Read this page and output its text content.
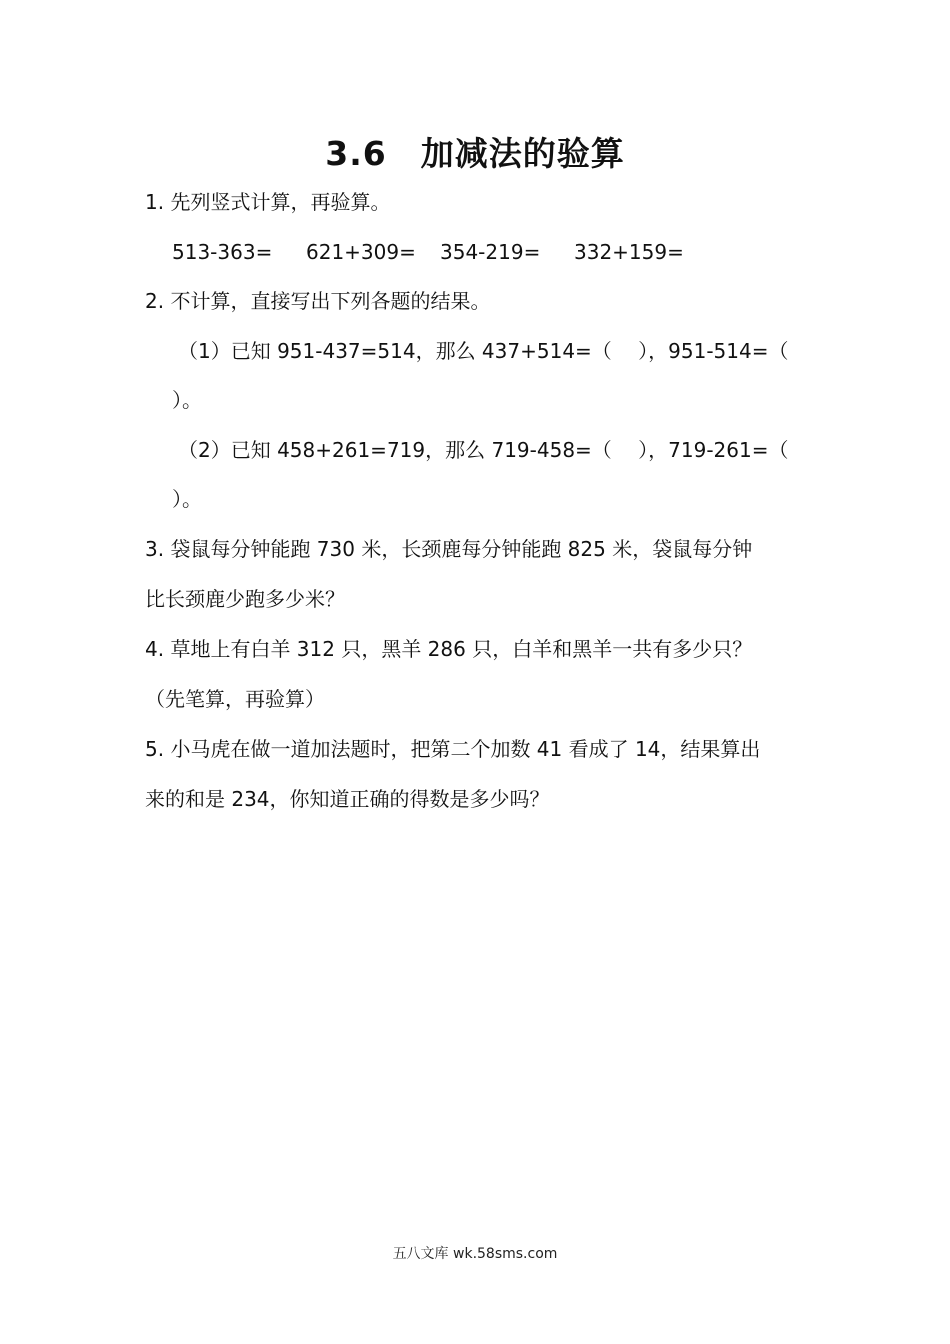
3.6　加减法的验算

1. 先列竖式计算，再验算。

513-363= 621+309= 354-219= 332+159=

2. 不计算，直接写出下列各题的结果。

（1）已知 951-437=514，那么 437+514=（　 ），951-514=（

）。

（2）已知 458+261=719，那么 719-458=（　 ），719-261=（

）。

3. 袋鼠每分钟能跑 730 米，长颈鹿每分钟能跑 825 米，袋鼠每分钟

比长颈鹿少跑多少米？

4. 草地上有白羊 312 只，黑羊 286 只，白羊和黑羊一共有多少只？

（先笔算，再验算）

5. 小马虎在做一道加法题时，把第二个加数 41 看成了 14，结果算出

来的和是 234，你知道正确的得数是多少吗？

五八文库 wk.58sms.com
